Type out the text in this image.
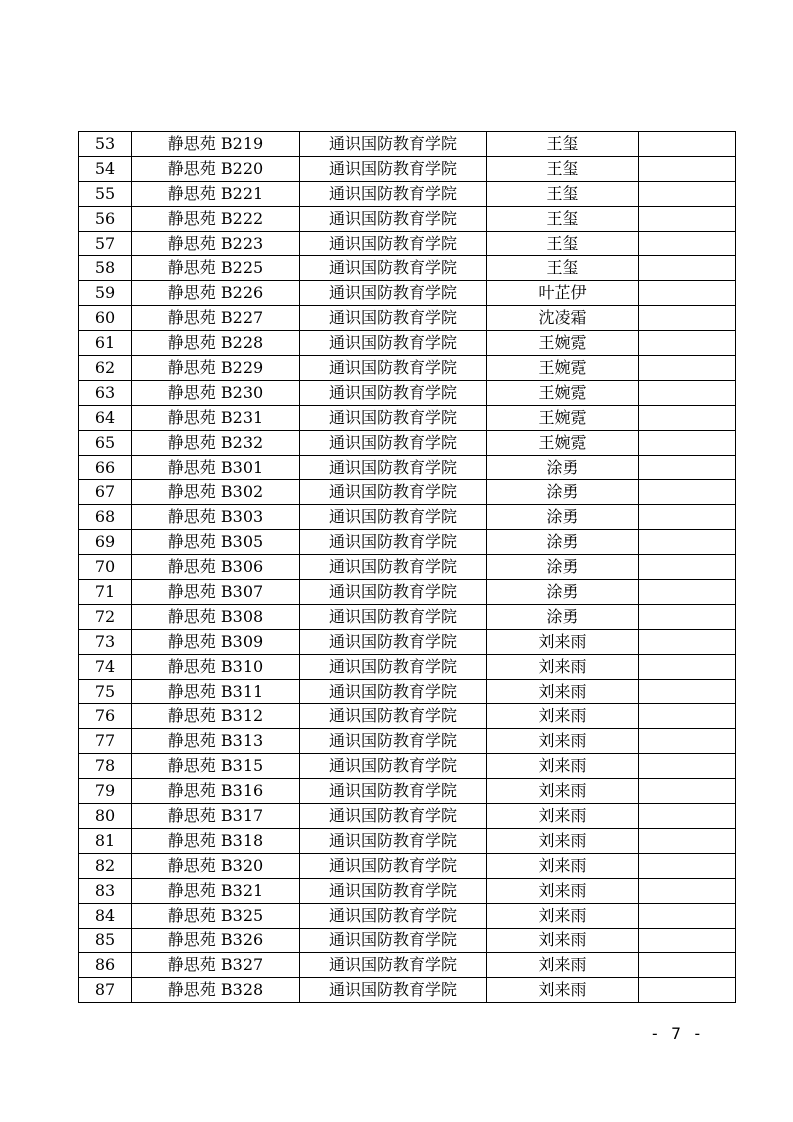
53	静思苑 B219	通识国防教育学院	王玺	
54	静思苑 B220	通识国防教育学院	王玺	
55	静思苑 B221	通识国防教育学院	王玺	
56	静思苑 B222	通识国防教育学院	王玺	
57	静思苑 B223	通识国防教育学院	王玺	
58	静思苑 B225	通识国防教育学院	王玺	
59	静思苑 B226	通识国防教育学院	叶芷伊	
60	静思苑 B227	通识国防教育学院	沈凌霜	
61	静思苑 B228	通识国防教育学院	王婉霓	
62	静思苑 B229	通识国防教育学院	王婉霓	
63	静思苑 B230	通识国防教育学院	王婉霓	
64	静思苑 B231	通识国防教育学院	王婉霓	
65	静思苑 B232	通识国防教育学院	王婉霓	
66	静思苑 B301	通识国防教育学院	涂勇	
67	静思苑 B302	通识国防教育学院	涂勇	
68	静思苑 B303	通识国防教育学院	涂勇	
69	静思苑 B305	通识国防教育学院	涂勇	
70	静思苑 B306	通识国防教育学院	涂勇	
71	静思苑 B307	通识国防教育学院	涂勇	
72	静思苑 B308	通识国防教育学院	涂勇	
73	静思苑 B309	通识国防教育学院	刘来雨	
74	静思苑 B310	通识国防教育学院	刘来雨	
75	静思苑 B311	通识国防教育学院	刘来雨	
76	静思苑 B312	通识国防教育学院	刘来雨	
77	静思苑 B313	通识国防教育学院	刘来雨	
78	静思苑 B315	通识国防教育学院	刘来雨	
79	静思苑 B316	通识国防教育学院	刘来雨	
80	静思苑 B317	通识国防教育学院	刘来雨	
81	静思苑 B318	通识国防教育学院	刘来雨	
82	静思苑 B320	通识国防教育学院	刘来雨	
83	静思苑 B321	通识国防教育学院	刘来雨	
84	静思苑 B325	通识国防教育学院	刘来雨	
85	静思苑 B326	通识国防教育学院	刘来雨	
86	静思苑 B327	通识国防教育学院	刘来雨	
87	静思苑 B328	通识国防教育学院	刘来雨	
- 7 -
